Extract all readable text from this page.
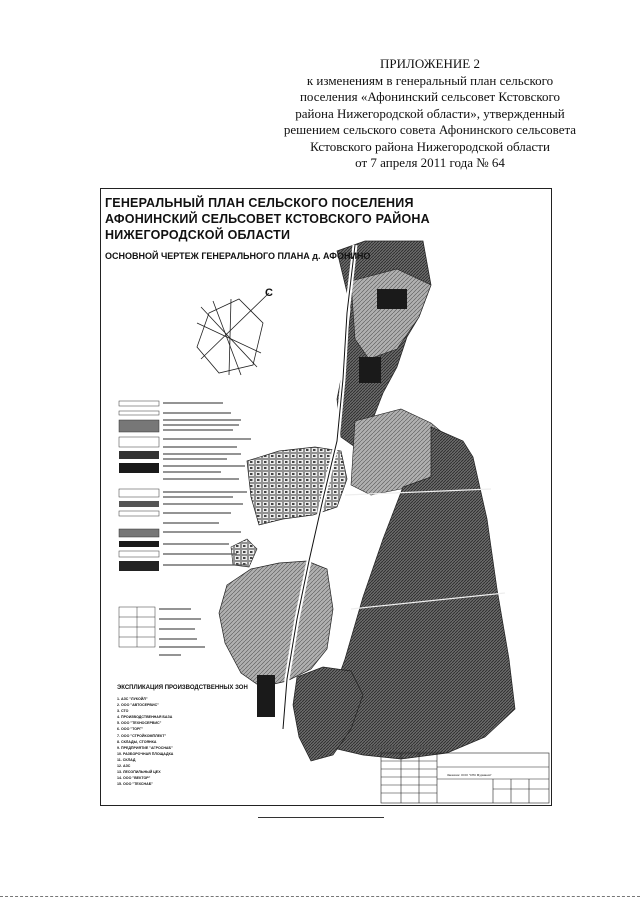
ПРИЛОЖЕНИЕ 2
к изменениям в генеральный план сельского
поселения «Афонинский сельсовет Кстовского
района Нижегородской области», утвержденный
решением сельского совета Афонинского сельсовета
Кстовского района Нижегородской области
от 7 апреля 2011 года № 64
ГЕНЕРАЛЬНЫЙ ПЛАН СЕЛЬСКОГО ПОСЕЛЕНИЯ
АФОНИНСКИЙ СЕЛЬСОВЕТ КСТОВСКОГО РАЙОНА
НИЖЕГОРОДСКОЙ ОБЛАСТИ
ОСНОВНОЙ ЧЕРТЕЖ ГЕНЕРАЛЬНОГО ПЛАНА д. АФОНИНО
С
ЭКСПЛИКАЦИЯ ПРОИЗВОДСТВЕННЫХ ЗОН
1. АЗС "ЛУКОЙЛ"
2. ООО "АВТОСЕРВИС"
3. СТО
4. ПРОИЗВОДСТВЕННАЯ БАЗА
5. ООО "ТЕХНОСЕРВИС"
6. ООО "ТОРГ"
7. ООО "СТРОЙКОМПЛЕКТ"
8. СКЛАДЫ, СТОЯНКА
9. ПРЕДПРИЯТИЕ "АГРОСНАБ"
10. РАЗБОРОЧНАЯ ПЛОЩАДКА
11. СКЛАД
12. АЗС
13. ЛЕСОПИЛЬНЫЙ ЦЕХ
14. ООО "ВЕКТОР"
15. ООО "ТЕХСНАБ"
Заказчик: ООО "СПК Мурманск"
